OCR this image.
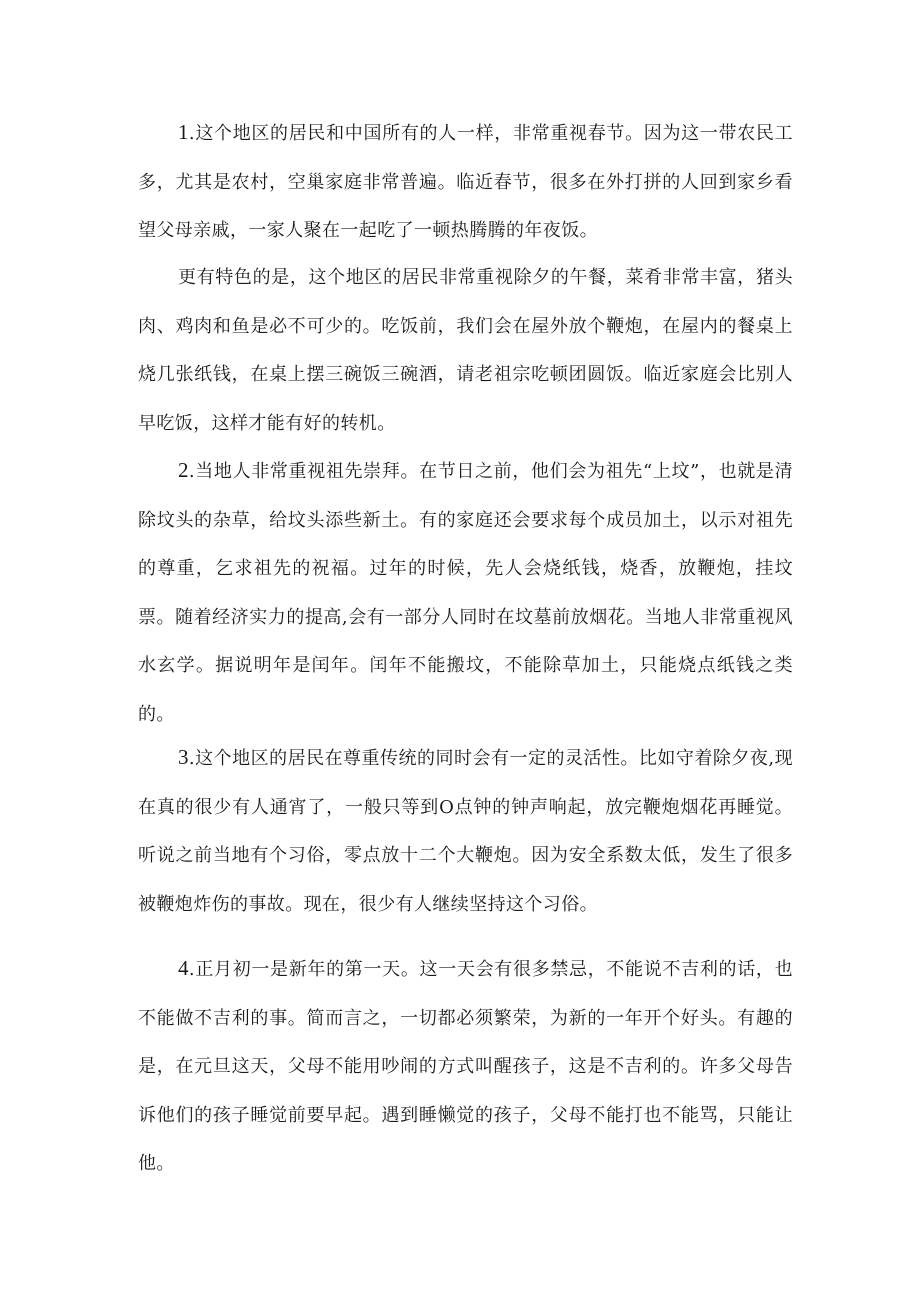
1.这个地区的居民和中国所有的人一样，非常重视春节。因为这一带农民工多，尤其是农村，空巢家庭非常普遍。临近春节，很多在外打拼的人回到家乡看望父母亲戚，一家人聚在一起吃了一顿热腾腾的年夜饭。

更有特色的是，这个地区的居民非常重视除夕的午餐，菜肴非常丰富，猪头肉、鸡肉和鱼是必不可少的。吃饭前，我们会在屋外放个鞭炮，在屋内的餐桌上烧几张纸钱，在桌上摆三碗饭三碗酒，请老祖宗吃顿团圆饭。临近家庭会比别人早吃饭，这样才能有好的转机。

2.当地人非常重视祖先崇拜。在节日之前，他们会为祖先“上坟”，也就是清除坟头的杂草，给坟头添些新土。有的家庭还会要求每个成员加土，以示对祖先的尊重，乞求祖先的祝福。过年的时候，先人会烧纸钱，烧香，放鞭炮，挂坟票。随着经济实力的提高,会有一部分人同时在坟墓前放烟花。当地人非常重视风水玄学。据说明年是闰年。闰年不能搬坟，不能除草加土，只能烧点纸钱之类的。

3.这个地区的居民在尊重传统的同时会有一定的灵活性。比如守着除夕夜,现在真的很少有人通宵了，一般只等到O点钟的钟声响起，放完鞭炮烟花再睡觉。听说之前当地有个习俗，零点放十二个大鞭炮。因为安全系数太低，发生了很多被鞭炮炸伤的事故。现在，很少有人继续坚持这个习俗。

4.正月初一是新年的第一天。这一天会有很多禁忌，不能说不吉利的话，也不能做不吉利的事。简而言之，一切都必须繁荣，为新的一年开个好头。有趣的是，在元旦这天，父母不能用吵闹的方式叫醒孩子，这是不吉利的。许多父母告诉他们的孩子睡觉前要早起。遇到睡懒觉的孩子，父母不能打也不能骂，只能让他。
